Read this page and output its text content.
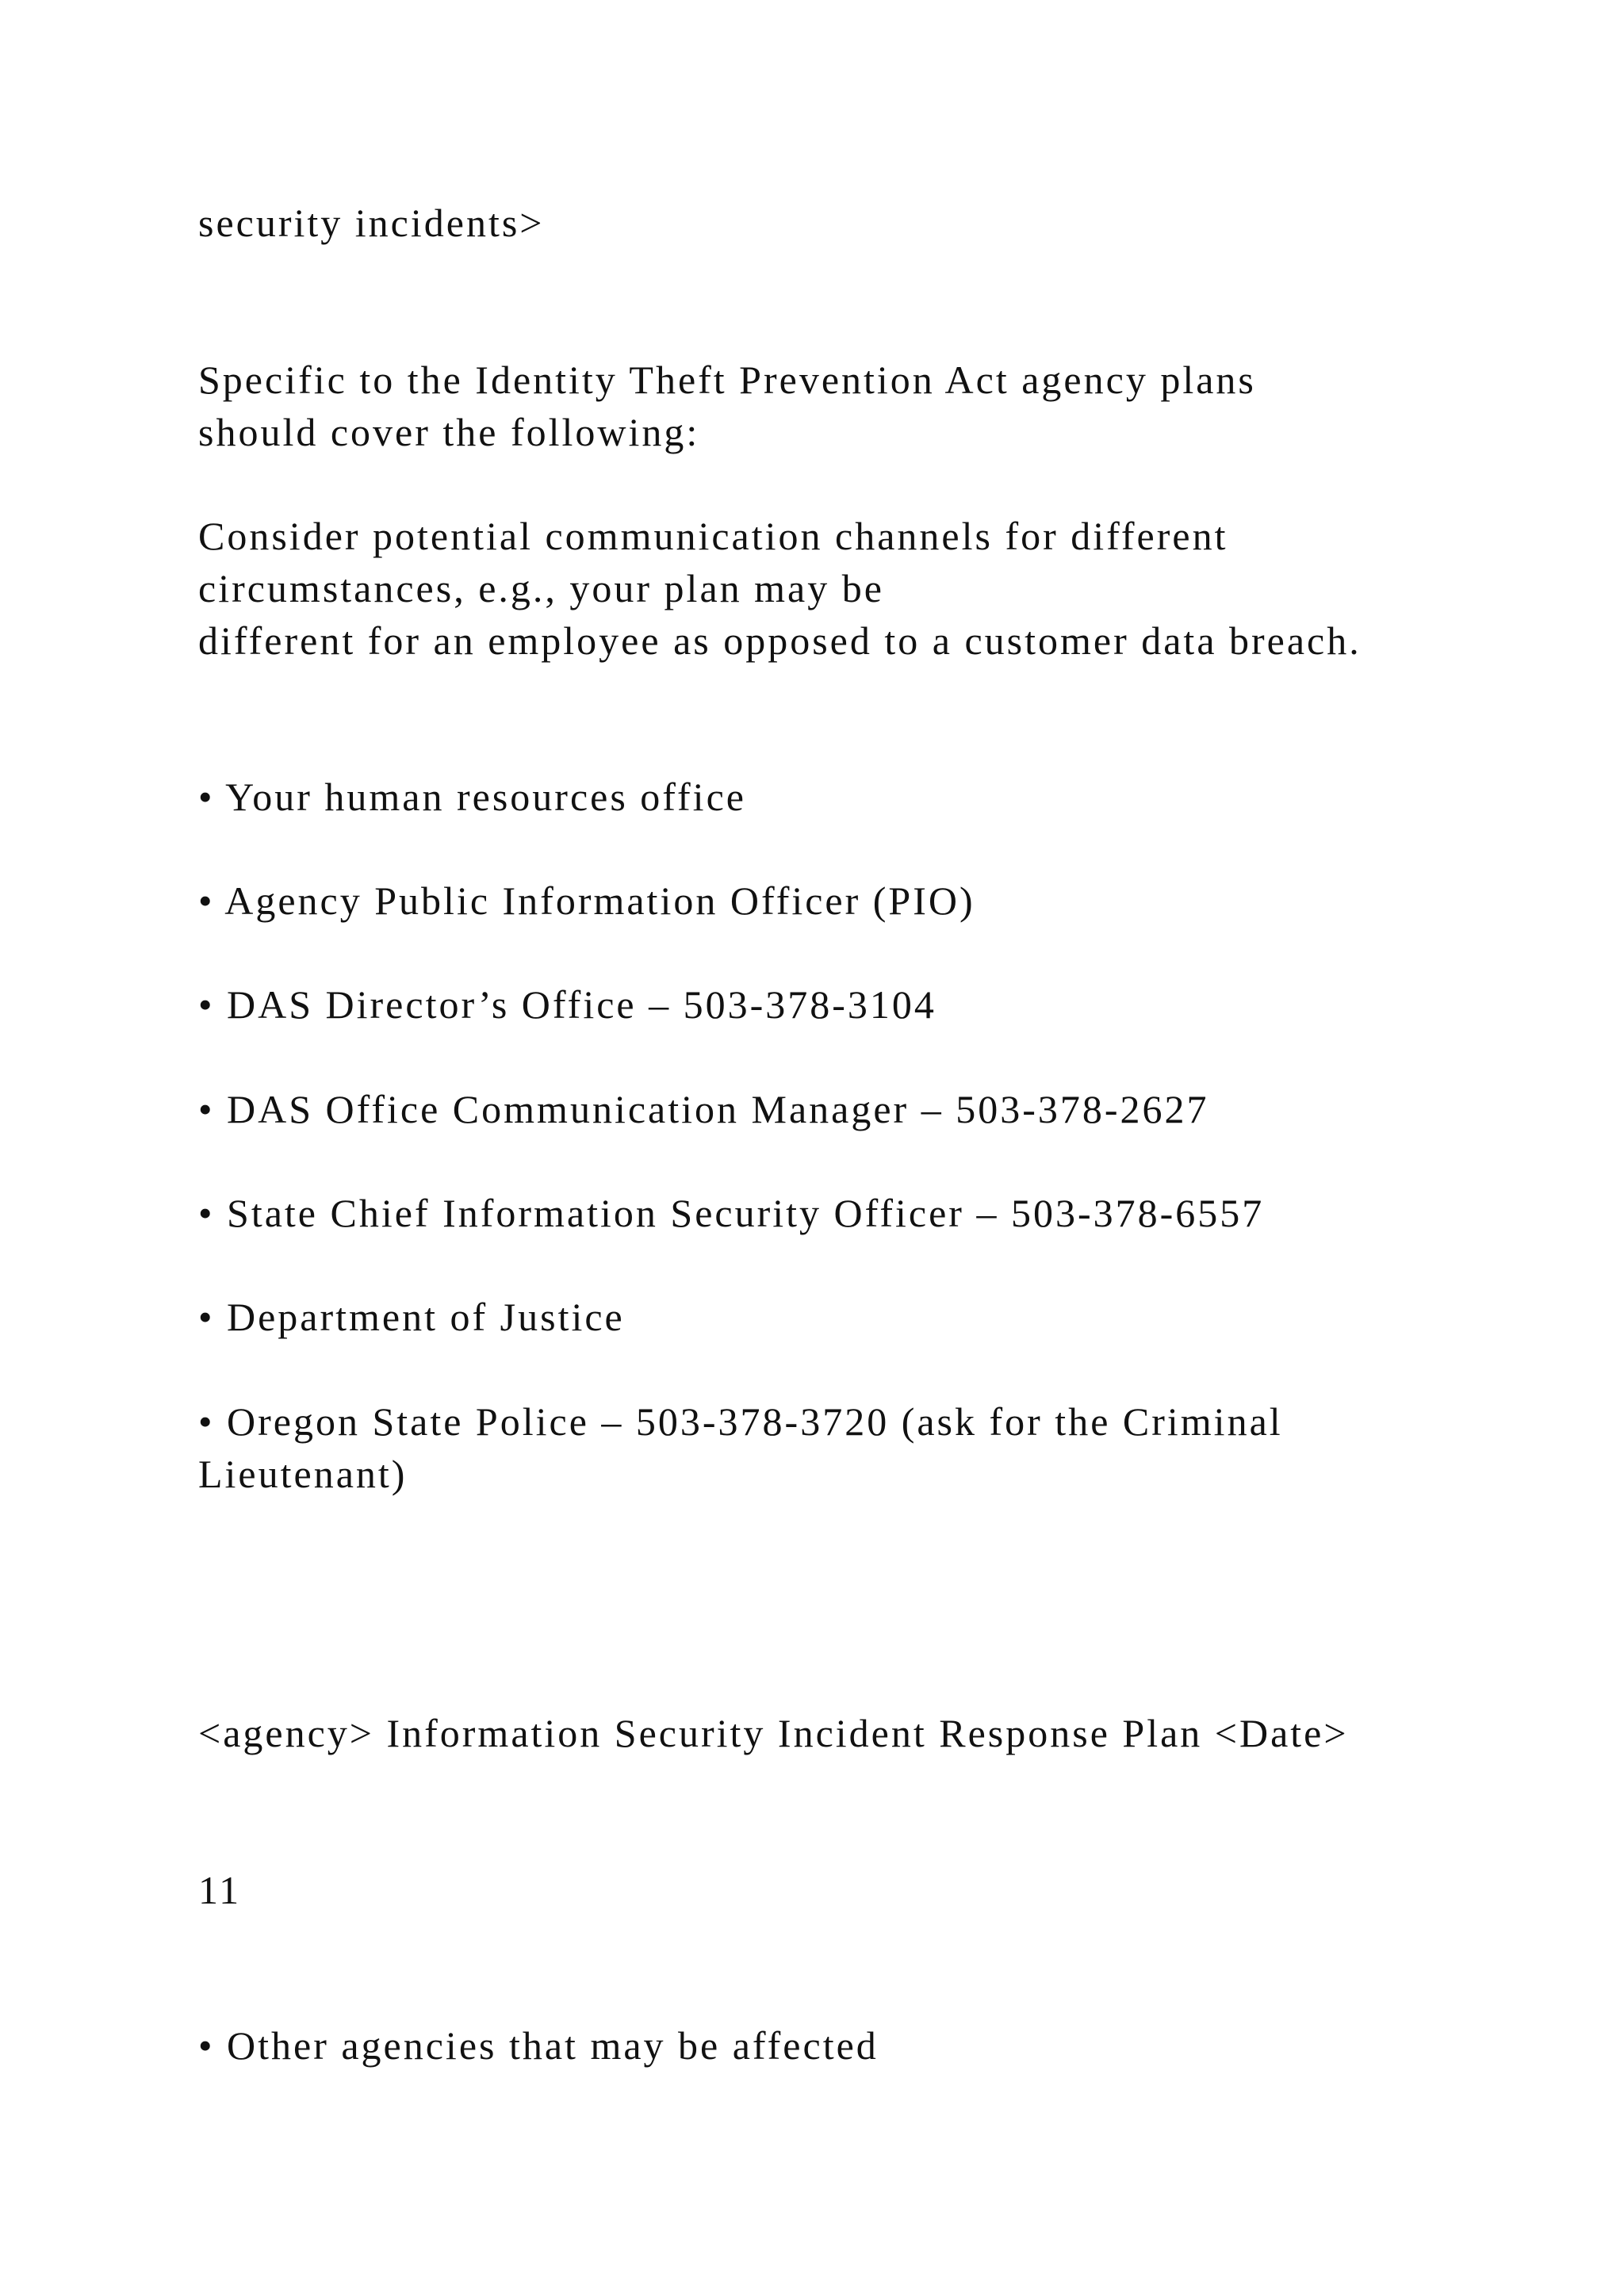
security incidents>

Specific to the Identity Theft Prevention Act agency plans

should cover the following:

Consider potential communication channels for different

circumstances, e.g., your plan may be

different for an employee as opposed to a customer data breach.

• Your human resources office

• Agency Public Information Officer (PIO)

• DAS Director’s Office – 503-378-3104

• DAS Office Communication Manager – 503-378-2627

• State Chief Information Security Officer – 503-378-6557

• Department of Justice

• Oregon State Police – 503-378-3720 (ask for the Criminal

Lieutenant)

<agency> Information Security Incident Response Plan <Date>

11

• Other agencies that may be affected
